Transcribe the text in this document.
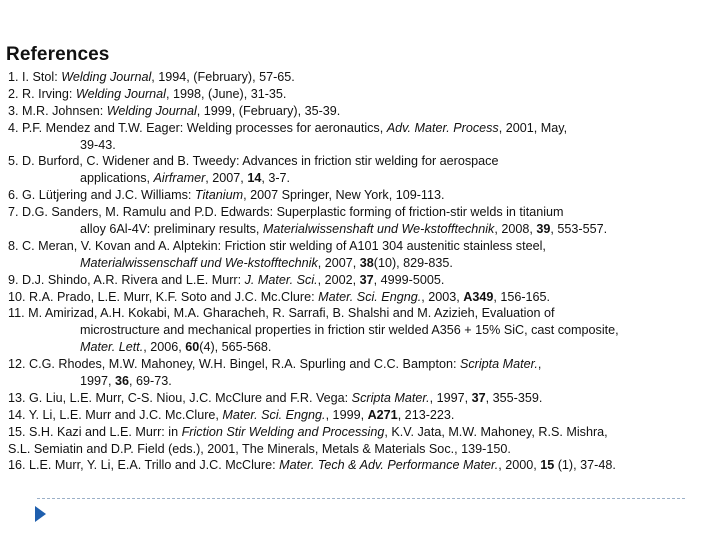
References
1. I. Stol: Welding Journal, 1994, (February), 57-65.
2. R. Irving: Welding Journal, 1998, (June), 31-35.
3. M.R. Johnsen: Welding Journal, 1999, (February), 35-39.
4. P.F. Mendez and T.W. Eager: Welding processes for aeronautics, Adv. Mater. Process, 2001, May,
39-43.
5. D. Burford, C. Widener and B. Tweedy: Advances in friction stir welding for aerospace
applications, Airframer, 2007, 14, 3-7.
6. G. Lütjering and J.C. Williams: Titanium, 2007 Springer, New York, 109-113.
7. D.G. Sanders, M. Ramulu and P.D. Edwards: Superplastic forming of friction-stir welds in titanium
alloy 6Al-4V: preliminary results, Materialwissenshaft und We-kstofftechnik, 2008, 39, 553-557.
8. C. Meran, V. Kovan and A. Alptekin: Friction stir welding of A101 304 austenitic stainless steel,
Materialwissenschaff und We-kstofftechnik, 2007, 38(10), 829-835.
9. D.J. Shindo, A.R. Rivera and L.E. Murr: J. Mater. Sci., 2002, 37, 4999-5005.
10. R.A. Prado, L.E. Murr, K.F. Soto and J.C. Mc.Clure: Mater. Sci. Engng., 2003, A349, 156-165.
11. M. Amirizad, A.H. Kokabi, M.A. Gharacheh, R. Sarrafi, B. Shalshi and M. Azizieh, Evaluation of
microstructure and mechanical properties in friction stir welded A356 + 15% SiC, cast composite,
Mater. Lett., 2006, 60(4), 565-568.
12. C.G. Rhodes, M.W. Mahoney, W.H. Bingel, R.A. Spurling and C.C. Bampton: Scripta Mater.,
1997, 36, 69-73.
13. G. Liu, L.E. Murr, C-S. Niou, J.C. McClure and F.R. Vega: Scripta Mater., 1997, 37, 355-359.
14. Y. Li, L.E. Murr and J.C. Mc.Clure, Mater. Sci. Engng., 1999, A271, 213-223.
15. S.H. Kazi and L.E. Murr: in Friction Stir Welding and Processing, K.V. Jata, M.W. Mahoney, R.S. Mishra,
S.L. Semiatin and D.P. Field (eds.), 2001, The Minerals, Metals & Materials Soc., 139-150.
16. L.E. Murr, Y. Li, E.A. Trillo and J.C. McClure: Mater. Tech & Adv. Performance Mater., 2000, 15 (1), 37-48.
